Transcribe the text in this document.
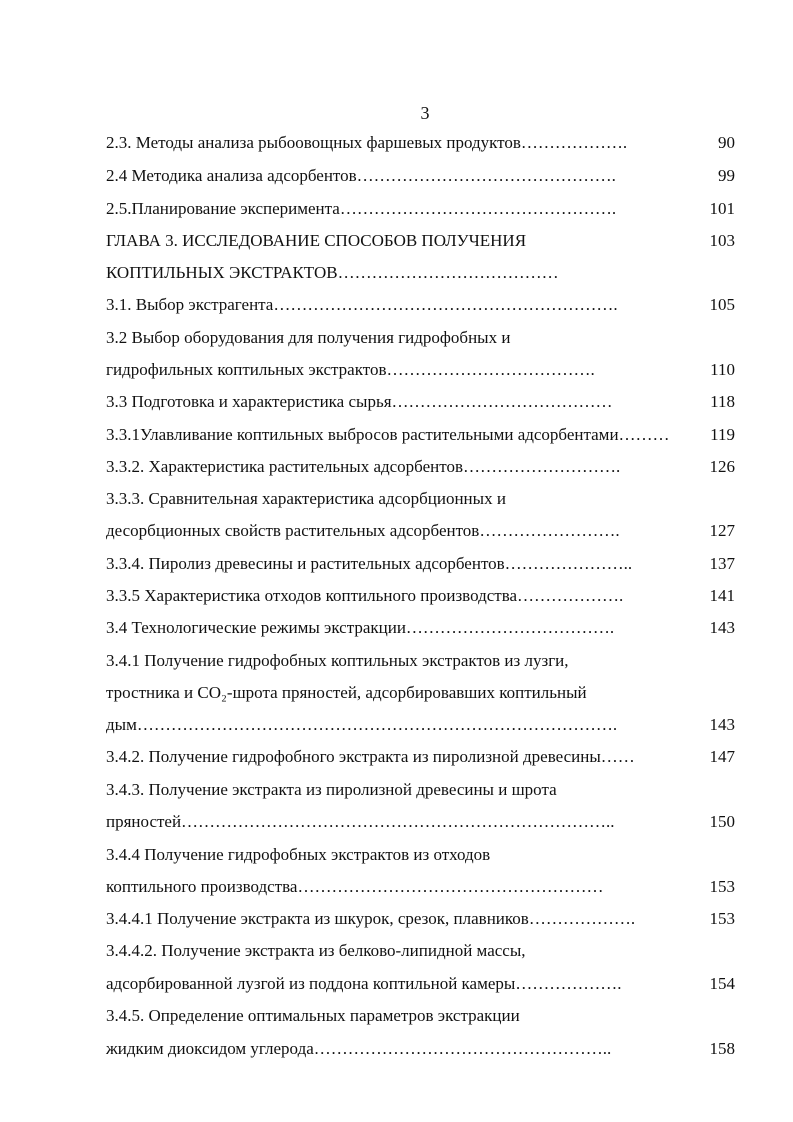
3
2.3. Методы анализа рыбоовощных фаршевых продуктов……………….	90
2.4 Методика анализа адсорбентов……………………………………….	99
2.5.Планирование эксперимента………………………………………….	101
ГЛАВА 3. ИССЛЕДОВАНИЕ СПОСОБОВ ПОЛУЧЕНИЯ	103
КОПТИЛЬНЫХ ЭКСТРАКТОВ…………………………………
3.1. Выбор экстрагента…………………………………………………….	105
3.2 Выбор оборудования для получения гидрофобных и
гидрофильных коптильных экстрактов……………………………….	110
3.3 Подготовка и характеристика сырья…………………………………	118
3.3.1Улавливание коптильных выбросов растительными адсорбентами………	119
3.3.2. Характеристика растительных адсорбентов……………………….	126
3.3.3. Сравнительная характеристика адсорбционных и
десорбционных свойств растительных адсорбентов…………………….	127
3.3.4. Пиролиз древесины и растительных адсорбентов…………………..	137
3.3.5 Характеристика отходов коптильного производства……………….	141
3.4 Технологические режимы экстракции……………………………….	143
3.4.1 Получение гидрофобных коптильных экстрактов из лузги,
тростника и СО₂-шрота пряностей, адсорбировавших коптильный
дым………………………………………………………………………….	143
3.4.2. Получение гидрофобного экстракта из пиролизной древесины……	147
3.4.3. Получение экстракта из пиролизной древесины и шрота
пряностей…………………………………………………………………..	150
3.4.4 Получение гидрофобных экстрактов из отходов
коптильного производства………………………………………………	153
3.4.4.1 Получение экстракта из шкурок, срезок, плавников……………….	153
3.4.4.2. Получение экстракта из белково-липидной массы,
адсорбированной лузгой из поддона коптильной камеры……………….	154
3.4.5. Определение оптимальных параметров экстракции
жидким диоксидом углерода……………………………………………..	158
